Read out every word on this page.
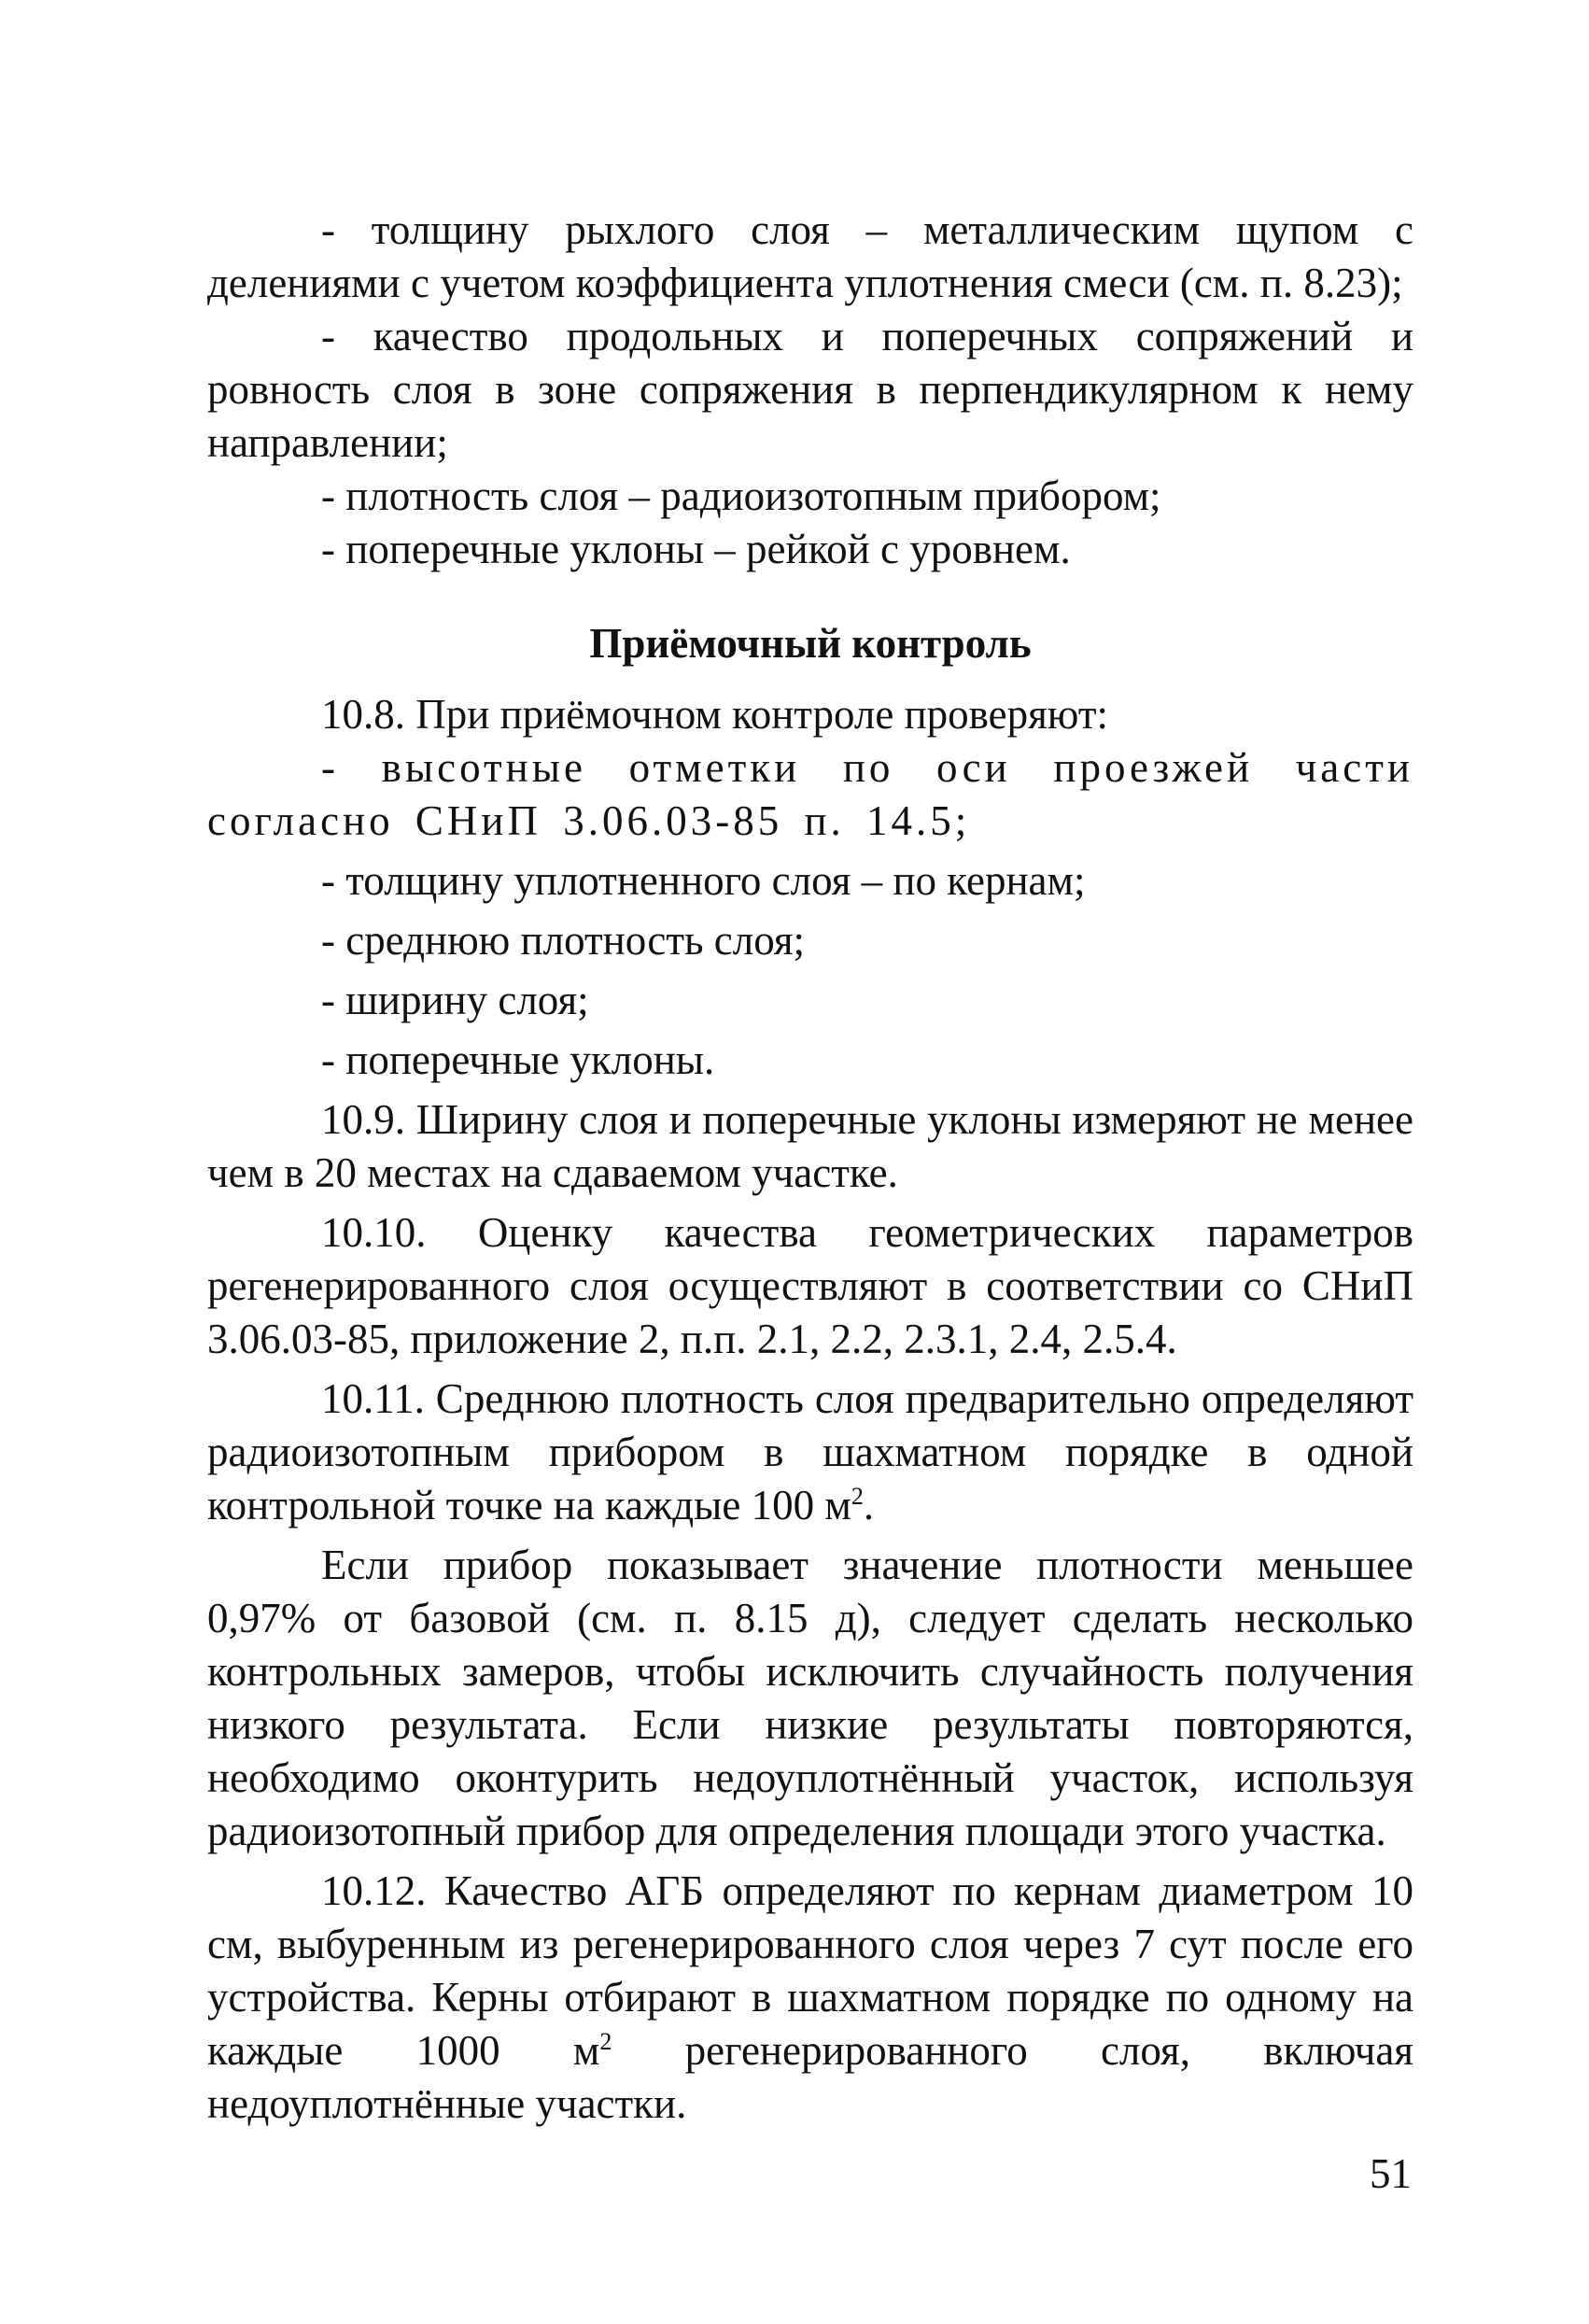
- толщину рыхлого слоя – металлическим щупом с делениями с учетом коэффициента уплотнения смеси (см. п. 8.23);

- качество продольных и поперечных сопряжений и ровность слоя в зоне сопряжения в перпендикулярном к нему направлении;

- плотность слоя – радиоизотопным прибором;

- поперечные уклоны – рейкой с уровнем.

Приёмочный контроль

10.8. При приёмочном контроле проверяют:

- высотные отметки по оси проезжей части согласно СНиП 3.06.03-85 п. 14.5;

- толщину уплотненного слоя – по кернам;

- среднюю плотность слоя;

- ширину слоя;

- поперечные уклоны.

10.9. Ширину слоя и поперечные уклоны измеряют не менее чем в 20 местах на сдаваемом участке.

10.10. Оценку качества геометрических параметров регенерированного слоя осуществляют в соответствии со СНиП 3.06.03-85, приложение 2, п.п. 2.1, 2.2, 2.3.1, 2.4, 2.5.4.

10.11. Среднюю плотность слоя предварительно определяют радиоизотопным прибором в шахматном порядке в одной контрольной точке на каждые 100 $м^2$.

Если прибор показывает значение плотности меньшее 0,97% от базовой (см. п. 8.15 д), следует сделать несколько контрольных замеров, чтобы исключить случайность получения низкого результата. Если низкие результаты повторяются, необходимо оконтурить недоуплотнённый участок, используя радиоизотопный прибор для определения площади этого участка.

10.12. Качество АГБ определяют по кернам диаметром 10 см, выбуренным из регенерированного слоя через 7 сут после его устройства. Керны отбирают в шахматном порядке по одному на каждые 1000 $м^2$ регенерированного слоя, включая недоуплотнённые участки.

51
